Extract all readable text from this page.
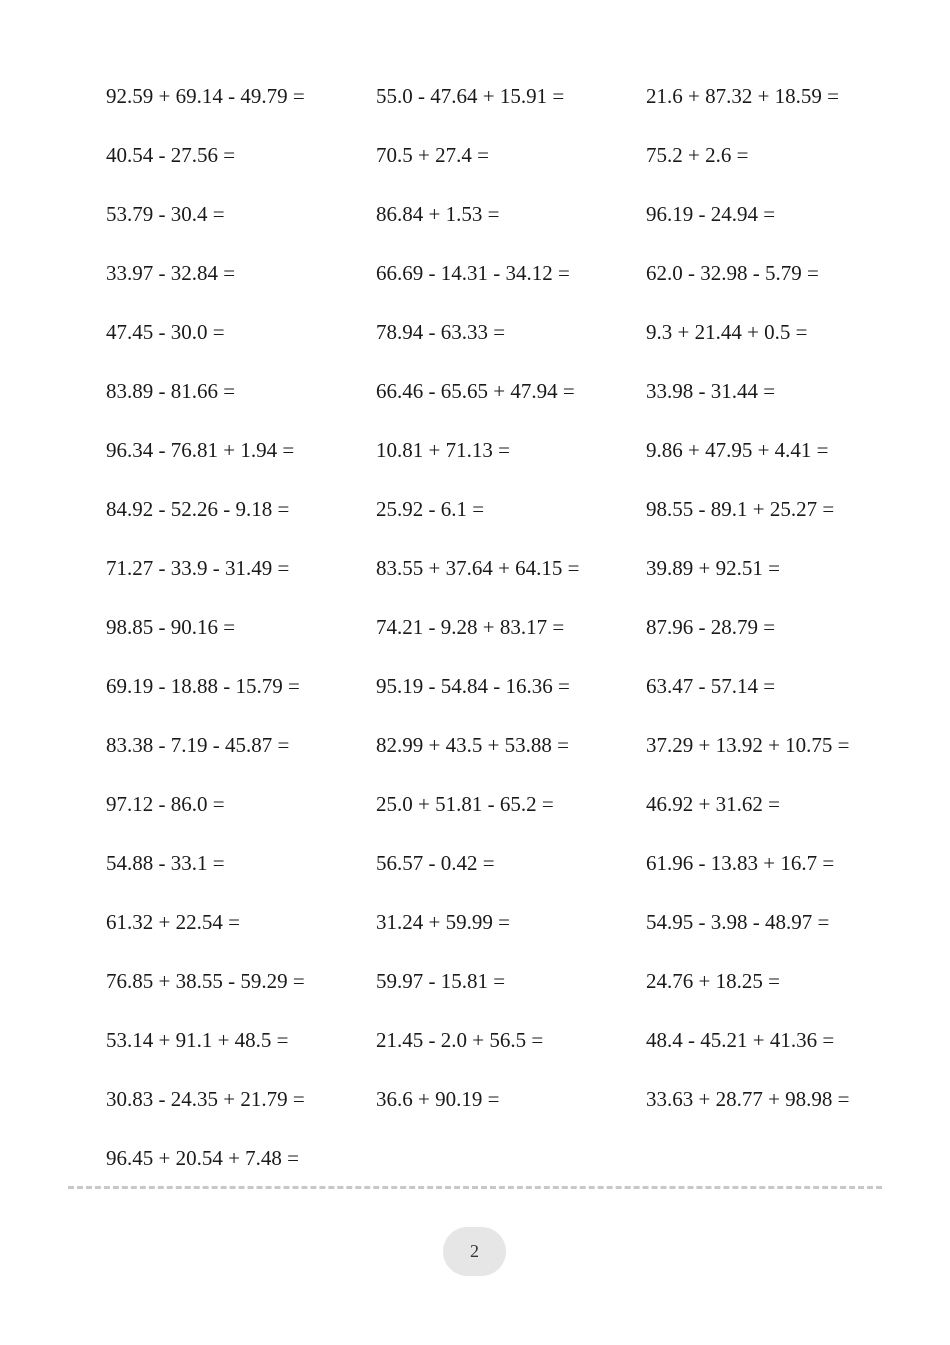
92.59 + 69.14 - 49.79 =	55.0 - 47.64 + 15.91 =	21.6 + 87.32 + 18.59 =
40.54 - 27.56 =	70.5 + 27.4 =	75.2 + 2.6 =
53.79 - 30.4 =	86.84 + 1.53 =	96.19 - 24.94 =
33.97 - 32.84 =	66.69 - 14.31 - 34.12 =	62.0 - 32.98 - 5.79 =
47.45 - 30.0 =	78.94 - 63.33 =	9.3 + 21.44 + 0.5 =
83.89 - 81.66 =	66.46 - 65.65 + 47.94 =	33.98 - 31.44 =
96.34 - 76.81 + 1.94 =	10.81 + 71.13 =	9.86 + 47.95 + 4.41 =
84.92 - 52.26 - 9.18 =	25.92 - 6.1 =	98.55 - 89.1 + 25.27 =
71.27 - 33.9 - 31.49 =	83.55 + 37.64 + 64.15 =	39.89 + 92.51 =
98.85 - 90.16 =	74.21 - 9.28 + 83.17 =	87.96 - 28.79 =
69.19 - 18.88 - 15.79 =	95.19 - 54.84 - 16.36 =	63.47 - 57.14 =
83.38 - 7.19 - 45.87 =	82.99 + 43.5 + 53.88 =	37.29 + 13.92 + 10.75 =
97.12 - 86.0 =	25.0 + 51.81 - 65.2 =	46.92 + 31.62 =
54.88 - 33.1 =	56.57 - 0.42 =	61.96 - 13.83 + 16.7 =
61.32 + 22.54 =	31.24 + 59.99 =	54.95 - 3.98 - 48.97 =
76.85 + 38.55 - 59.29 =	59.97 - 15.81 =	24.76 + 18.25 =
53.14 + 91.1 + 48.5 =	21.45 - 2.0 + 56.5 =	48.4 - 45.21 + 41.36 =
30.83 - 24.35 + 21.79 =	36.6 + 90.19 =	33.63 + 28.77 + 98.98 =
96.45 + 20.54 + 7.48 =
2
